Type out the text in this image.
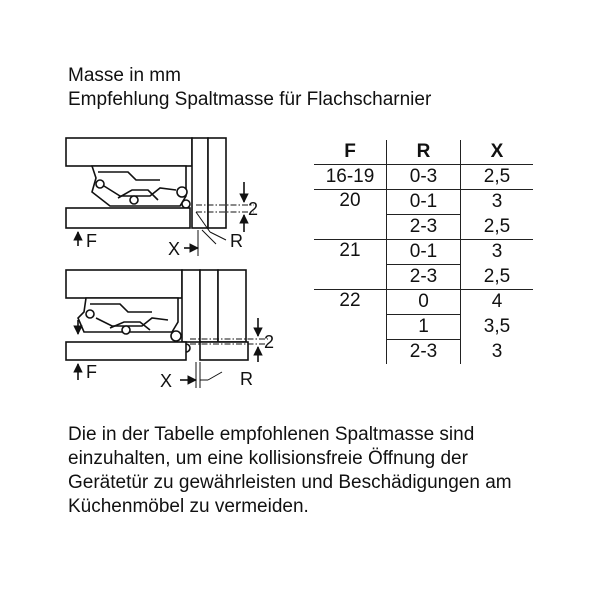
Masse in mm
Empfehlung Spaltmasse für Flachscharnier
2
F	X	R
2
F	X	R
F	R	X
16-19	0-3	2,5
20	0-1	3
	2-3	2,5
21	0-1	3
	2-3	2,5
22	0	4
	1	3,5
	2-3	3
Die in der Tabelle empfohlenen Spaltmasse sind einzuhalten, um eine kollisionsfreie Öffnung der Gerätetür zu gewährleisten und Beschädigungen am Küchenmöbel zu vermeiden.
